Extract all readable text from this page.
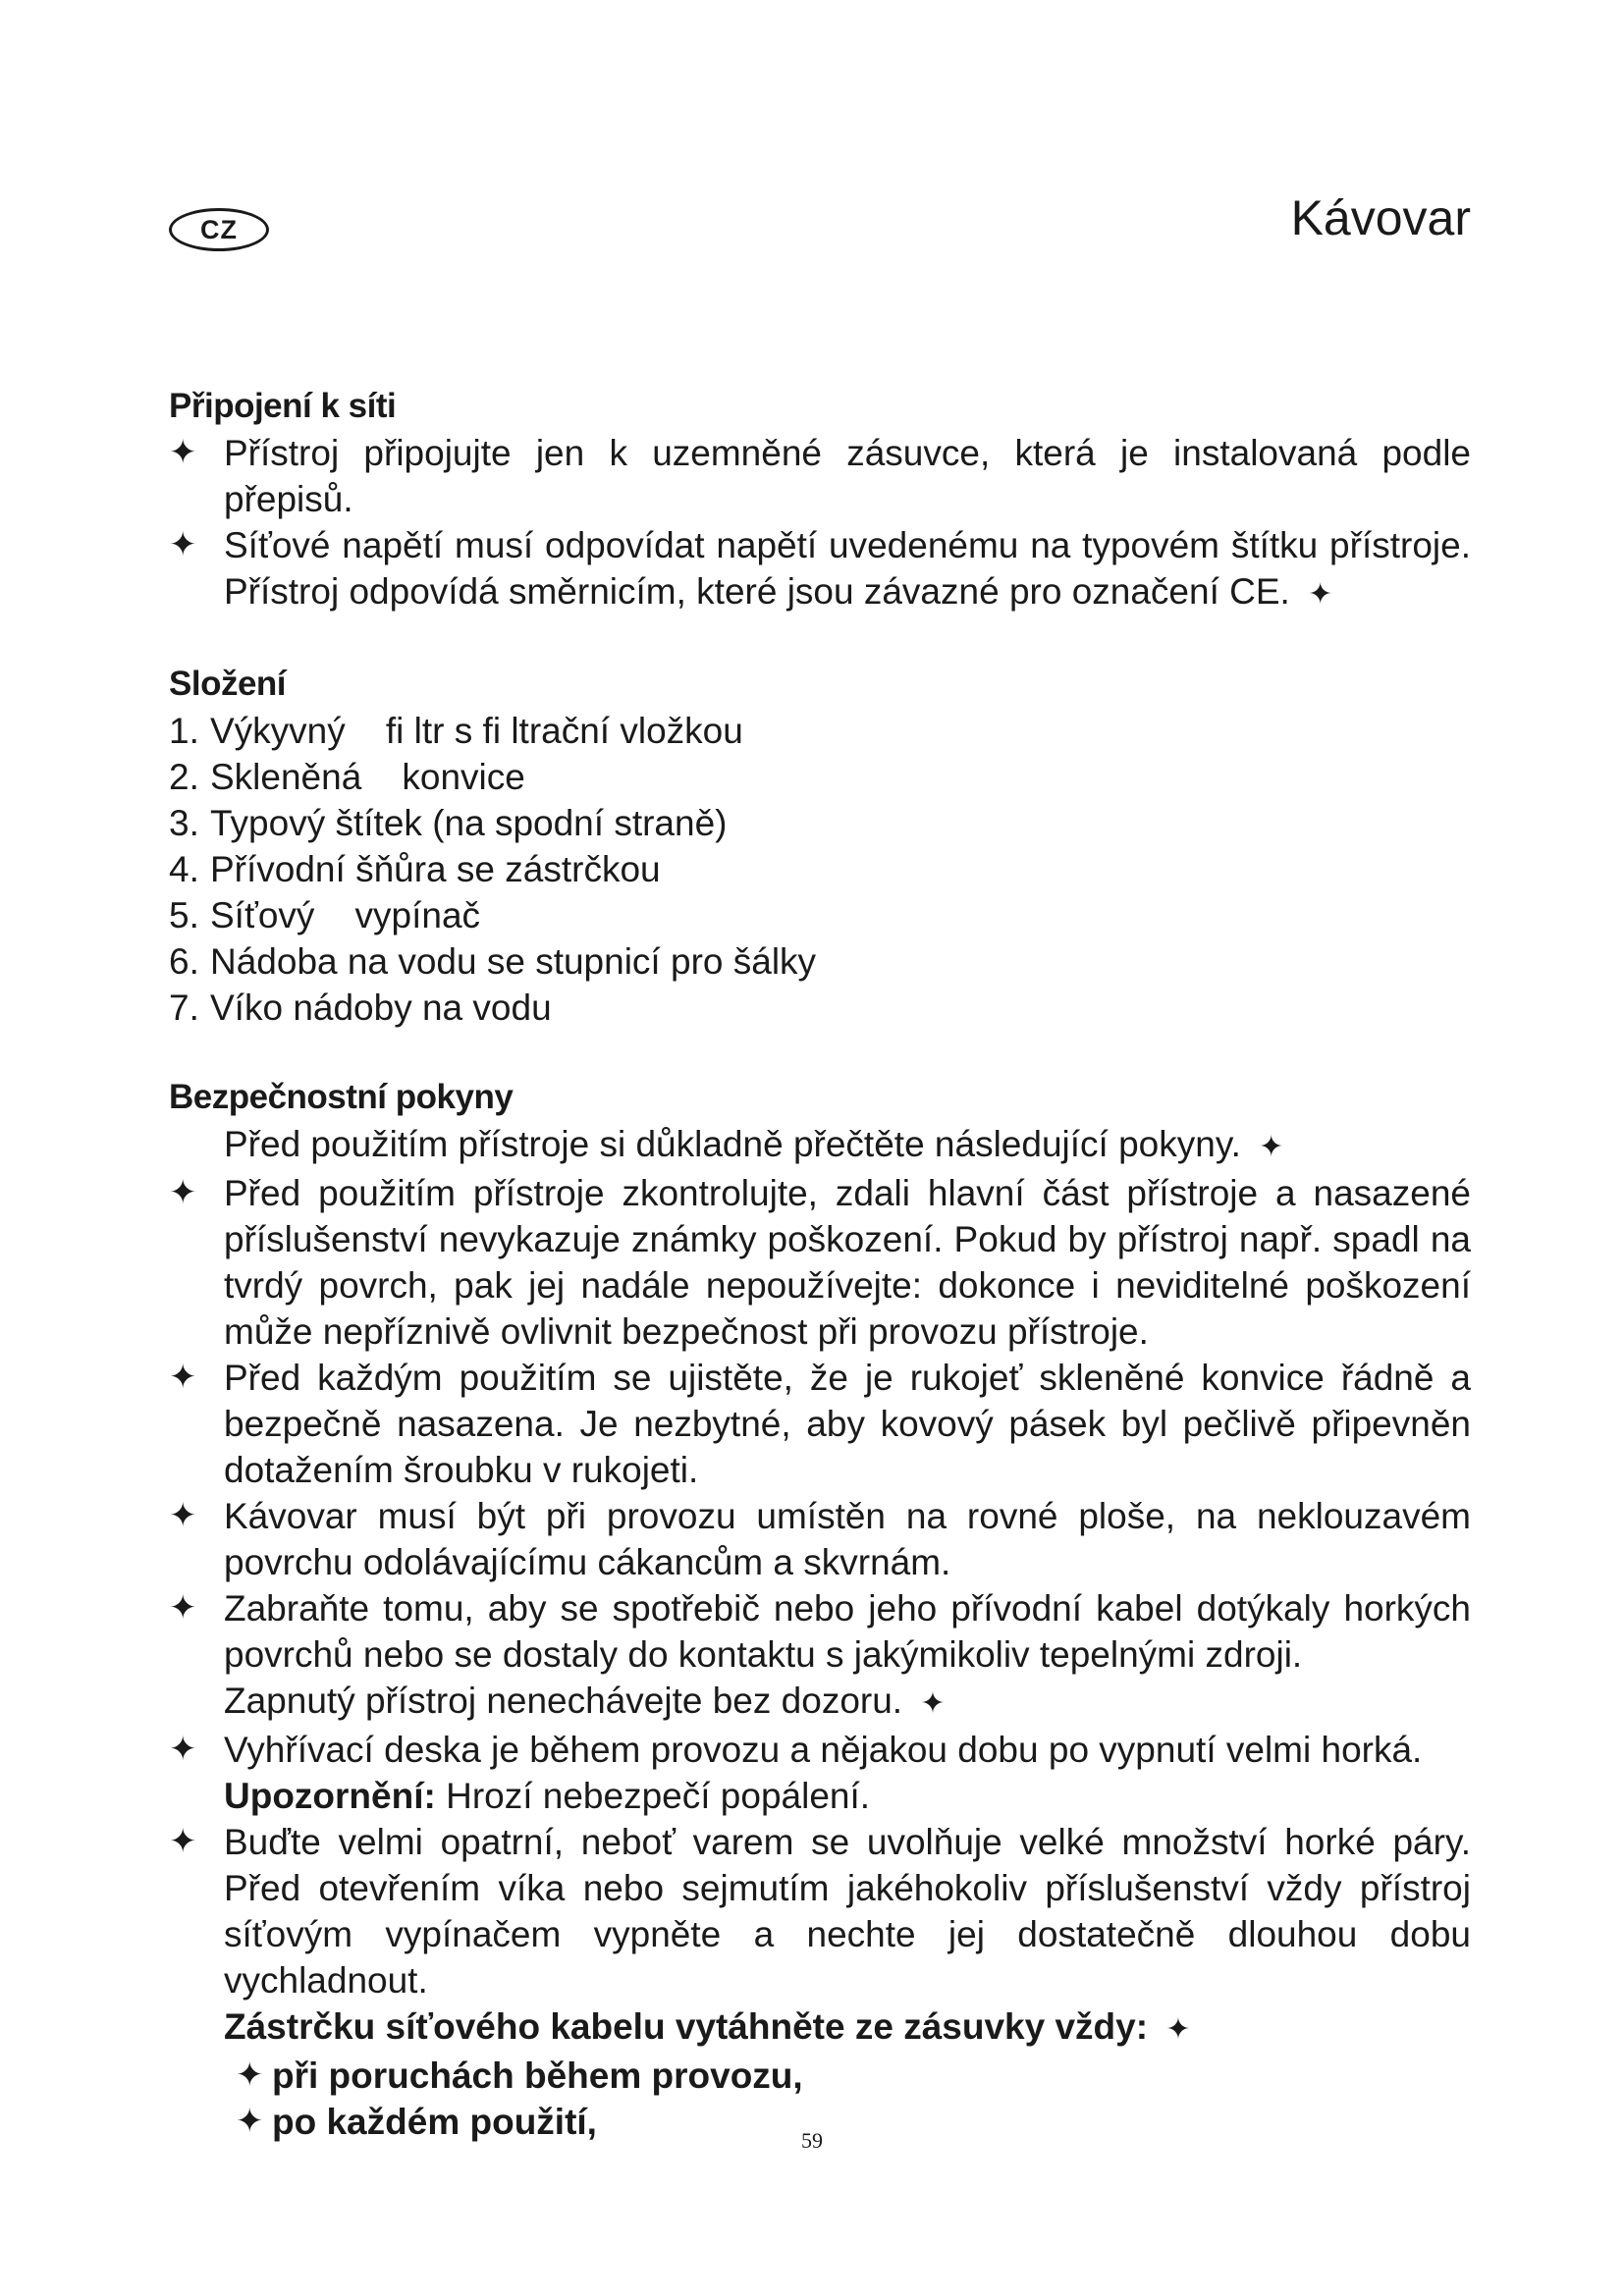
CZ	Kávovar
Připojení k síti
✦ Přístroj připojujte jen k uzemněné zásuvce, která je instalovaná podle přepisů.
✦ Síťové napětí musí odpovídat napětí uvedenému na typovém štítku přístroje. Přístroj odpovídá směrnicím, které jsou závazné pro označení CE. ✦
Složení
1. Výkyvný    fi ltr s fi ltrační vložkou
2. Skleněná    konvice
3. Typový štítek (na spodní straně)
4. Přívodní šňůra se zástrčkou
5. Síťový    vypínač
6. Nádoba na vodu se stupnicí pro šálky
7. Víko nádoby na vodu
Bezpečnostní pokyny
Před použitím přístroje si důkladně přečtěte následující pokyny. ✦
✦ Před použitím přístroje zkontrolujte, zdali hlavní část přístroje a nasazené příslušenství nevykazuje známky poškození. Pokud by přístroj např. spadl na tvrdý povrch, pak jej nadále nepoužívejte: dokonce i neviditelné poškození může nepříznivě ovlivnit bezpečnost při provozu přístroje.
✦ Před každým použitím se ujistěte, že je rukojeť skleněné konvice řádně a bezpečně nasazena. Je nezbytné, aby kovový pásek byl pečlivě připevněn dotažením šroubku v rukojeti.
✦ Kávovar musí být při provozu umístěn na rovné ploše, na neklouzavém povrchu odolávajícímu cákancům a skvrnám.
✦ Zabraňte tomu, aby se spotřebič nebo jeho přívodní kabel dotýkaly horkých povrchů nebo se dostaly do kontaktu s jakýmikoliv tepelnými zdroji.
Zapnutý přístroj nenechávejte bez dozoru. ✦
✦ Vyhřívací deska je během provozu a nějakou dobu po vypnutí velmi horká.
Upozornění: Hrozí nebezpečí popálení.
✦ Buďte velmi opatrní, neboť varem se uvolňuje velké množství horké páry. Před otevřením víka nebo sejmutím jakéhokoliv příslušenství vždy přístroj síťovým vypínačem vypněte a nechte jej dostatečně dlouhou dobu vychladnout.
Zástrčku síťového kabelu vytáhněte ze zásuvky vždy: ✦
✦ při poruchách během provozu,
✦ po každém použití,	59
